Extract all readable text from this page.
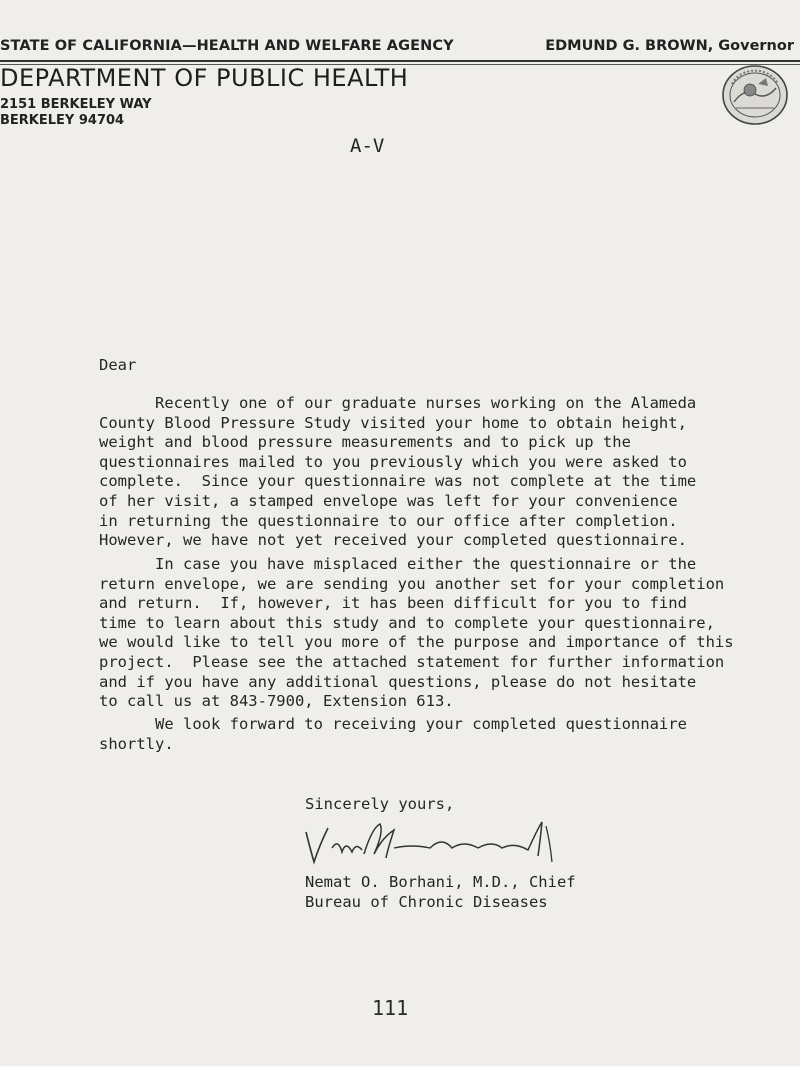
STATE OF CALIFORNIA—HEALTH AND WELFARE AGENCY	EDMUND G. BROWN, Governor
DEPARTMENT OF PUBLIC HEALTH
2151 BERKELEY WAY
BERKELEY 94704
A-V
Dear
Recently one of our graduate nurses working on the Alameda
County Blood Pressure Study visited your home to obtain height,
weight and blood pressure measurements and to pick up the
questionnaires mailed to you previously which you were asked to
complete.  Since your questionnaire was not complete at the time
of her visit, a stamped envelope was left for your convenience
in returning the questionnaire to our office after completion.
However, we have not yet received your completed questionnaire.
In case you have misplaced either the questionnaire or the
return envelope, we are sending you another set for your completion
and return.  If, however, it has been difficult for you to find
time to learn about this study and to complete your questionnaire,
we would like to tell you more of the purpose and importance of this
project.  Please see the attached statement for further information
and if you have any additional questions, please do not hesitate
to call us at 843-7900, Extension 613.
We look forward to receiving your completed questionnaire
shortly.
Sincerely yours,
Nemat O. Borhani, M.D., Chief
Bureau of Chronic Diseases
111
